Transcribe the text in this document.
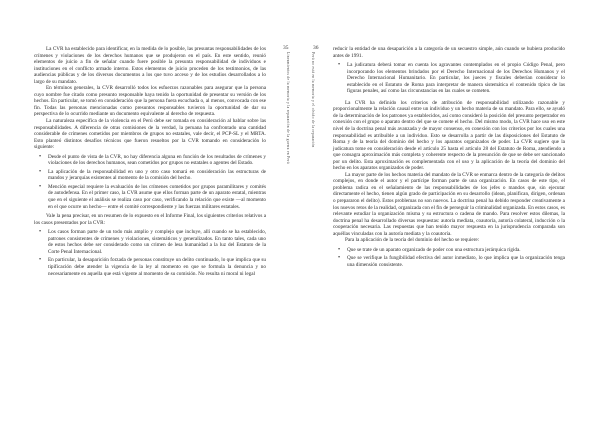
35
Lineamientos de la memoria y la reparación de la guerra en Perú

La CVR ha establecido para identificar, en la medida de lo posible, las presuntas responsabilidades de los crímenes y violaciones de los derechos humanos que se produjeron en el país. En este sentido, reunió elementos de juicio a fin de señalar cuando fuere posible la presunta responsabilidad de individuos e instituciones en el conflicto armado interno. Estos elementos de juicio proceden de los testimonios, de las audiencias públicas y de los diversos documentos a los que tuvo acceso y de los estudios desarrollados a lo largo de su mandato.

En términos generales, la CVR desarrolló todos los esfuerzos razonables para asegurar que la persona cuyo nombre fue citado como presunto responsable haya tenido la oportunidad de presentar su versión de los hechos. En particular, se tomó en consideración que la persona fuera escuchada o, al menos, convocada con ese fin. Todas las personas mencionadas como presuntos responsables tuvieron la oportunidad de dar su perspectiva de lo ocurrido mediante un documento equivalente al derecho de respuesta.

La naturaleza específica de la violencia en el Perú debe ser tomada en consideración al hablar sobre las responsabilidades. A diferencia de otras comisiones de la verdad, la peruana ha confrontado una cantidad considerable de crímenes cometidos por miembros de grupos no estatales, vale decir, el PCP-SL y el MRTA. Esto planteó distintos desafíos técnicos que fueron resueltos por la CVR tomando en consideración lo siguiente:

• Desde el punto de vista de la CVR, no hay diferencia alguna en función de los resultados de crímenes y violaciones de los derechos humanos, sean cometidos por grupos no estatales o agentes del Estado.
• La aplicación de la responsabilidad en uno y otro caso tomará en consideración las estructuras de mandos y jerarquías existentes al momento de la comisión del hecho.
• Mención especial requiere la evaluación de los crímenes cometidos por grupos paramilitares y comités de autodefensa. En el primer caso, la CVR asume que ellos forman parte de un aparato estatal, mientras que en el siguiente el análisis se realiza caso por caso, verificando la relación que existe —al momento en el que ocurre un hecho— entre el comité correspondiente y las fuerzas militares estatales.

Vale la pena precisar, en un resumen de lo expuesto en el Informe Final, los siguientes criterios relativos a los casos presentados por la CVR:

• Los casos forman parte de un todo más amplio y complejo que incluye, allí cuando se ha establecido, patrones consistentes de crímenes y violaciones, sistemáticos y generalizados. En tanto tales, cada uno de estos hechos debe ser considerado como un crimen de lesa humanidad a la luz del Estatuto de la Corte Penal Internacional.
• En particular, la desaparición forzada de personas constituye un delito continuado, lo que implica que su tipificación debe atender la vigencia de la ley al momento en que se formula la denuncia y no necesariamente en aquella que está vigente al momento de su comisión. No resulta ni moral ni legal
36
Perú no está en la memoria y el olvido de la reparación

reducir la entidad de una desaparición a la categoría de un secuestro simple, aún cuando se hubiera producido antes de 1991.

• La judicatura deberá tomar en cuenta los agravantes contemplados en el propio Código Penal, pero incorporando los elementos brindados por el Derecho Internacional de los Derechos Humanos y el Derecho Internacional Humanitario. En particular, los jueces y fiscales deberían considerar lo establecido en el Estatuto de Roma para interpretar de manera sistemática el contenido típico de las figuras penales, así como las circunstancias en las cuales se cometen.

La CVR ha definido los criterios de atribución de responsabilidad utilizando razonable y proporcionalmente la relación causal entre un individuo y un hecho materia de su mandato. Para ello, se ayudó de la determinación de los patrones ya establecidos, así como consideró la posición del presunto perpetrador en conexión con el grupo o aparato dentro del que se comete el hecho. Del mismo modo, la CVR hace uso en este nivel de la doctrina penal más avanzada y de mayor consenso, en conexión con los criterios por los cuales una responsabilidad es atribuible a un individuo. Esto se desarrolla a partir de las disposiciones del Estatuto de Roma y de la teoría del dominio del hecho y los aparatos organizados de poder. La CVR sugiere que la judicatura tome en consideración desde el artículo 25 hasta el artículo 28 del Estatuto de Roma, atendiendo a que consagra aproximación más completa y coherente respecto de la presunción de que se debe ser sancionado por un delito. Esta aproximación es complementada con el uso y la aplicación de la teoría del dominio del hecho en los aparatos organizados de poder.

La mayor parte de los hechos materia del mandato de la CVR se enmarca dentro de la categoría de delitos complejos, en donde el autor y el partícipe forman parte de una organización. En casos de este tipo, el problema radica en el señalamiento de las responsabilidades de los jefes o mandos que, sin ejecutar directamente el hecho, tienen algún grado de participación en su desarrollo (idean, planifican, dirigen, ordenan o prepararon el delito). Estos problemas no son nuevos. La doctrina penal ha debido responder creativamente a los nuevos retos de la realidad, organizada con el fin de perseguir la criminalidad organizada. En estos casos, es relevante estudiar la organización misma y su estructura o cadena de mando. Para resolver estos dilemas, la doctrina penal ha desarrollado diversas respuestas: autoría mediata, coautoría, autoría colateral, inducción o la cooperación necesaria. Las respuestas que han tenido mayor respuesta en la jurisprudencia comparada son aquéllas vinculadas con la autoría mediata y la coautoría.

Para la aplicación de la teoría del dominio del hecho se requiere:

• Que se trate de un aparato organizado de poder con una estructura jerárquica rígida.
• Que se verifique la fungibilidad efectiva del autor inmediato, lo que implica que la organización tenga una dimensión consistente.
